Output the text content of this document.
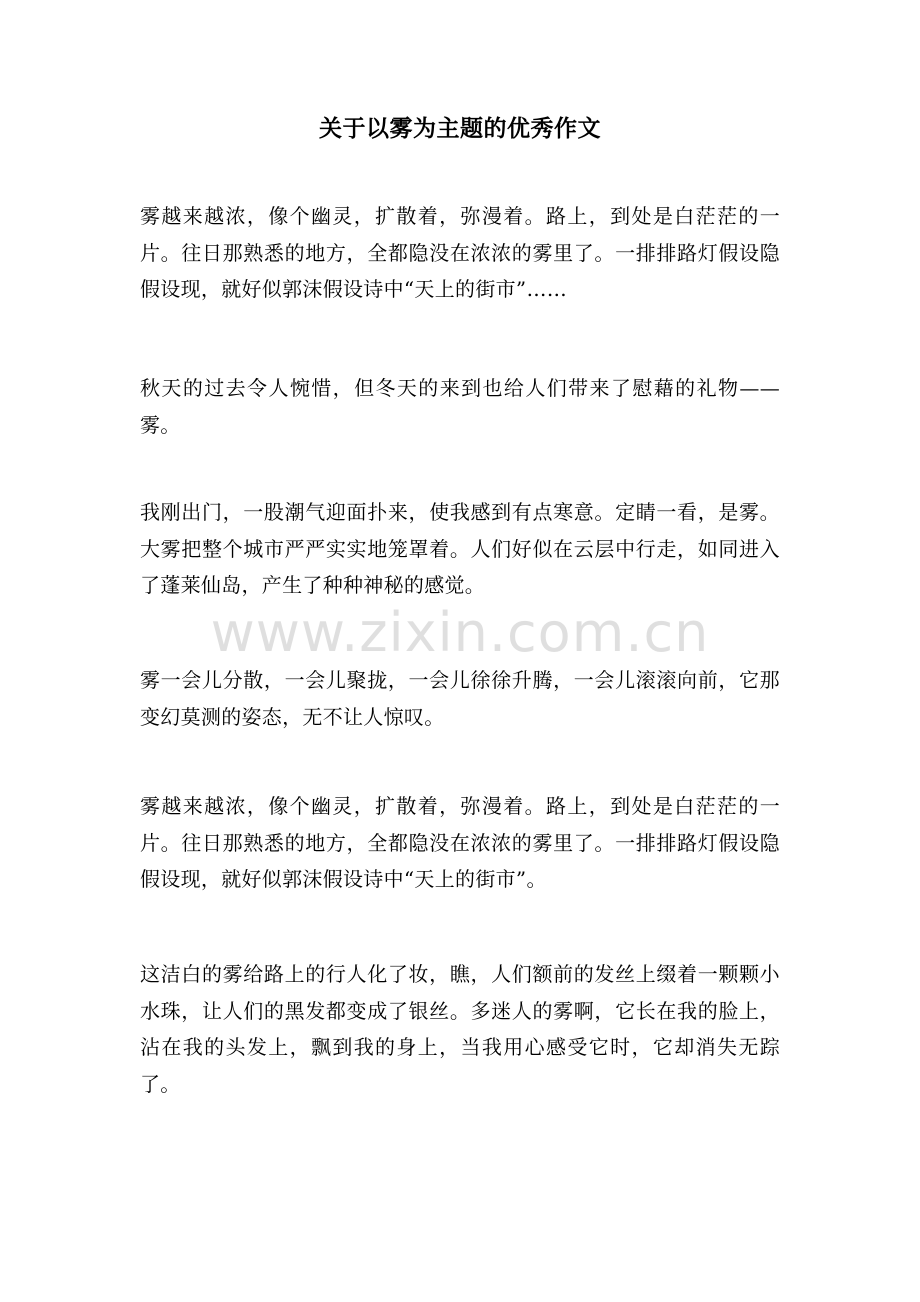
关于以雾为主题的优秀作文
雾越来越浓，像个幽灵，扩散着，弥漫着。路上，到处是白茫茫的一片。往日那熟悉的地方，全都隐没在浓浓的雾里了。一排排路灯假设隐假设现，就好似郭沫假设诗中“天上的街市”……
秋天的过去令人惋惜，但冬天的来到也给人们带来了慰藉的礼物——雾。
我刚出门，一股潮气迎面扑来，使我感到有点寒意。定睛一看，是雾。大雾把整个城市严严实实地笼罩着。人们好似在云层中行走，如同进入了蓬莱仙岛，产生了种种神秘的感觉。
雾一会儿分散，一会儿聚拢，一会儿徐徐升腾，一会儿滚滚向前，它那变幻莫测的姿态，无不让人惊叹。
雾越来越浓，像个幽灵，扩散着，弥漫着。路上，到处是白茫茫的一片。往日那熟悉的地方，全都隐没在浓浓的雾里了。一排排路灯假设隐假设现，就好似郭沫假设诗中“天上的街市”。
这洁白的雾给路上的行人化了妆，瞧，人们额前的发丝上缀着一颗颗小水珠，让人们的黑发都变成了银丝。多迷人的雾啊，它长在我的脸上，沾在我的头发上，飘到我的身上，当我用心感受它时，它却消失无踪了。
www.zixin.com.cn
